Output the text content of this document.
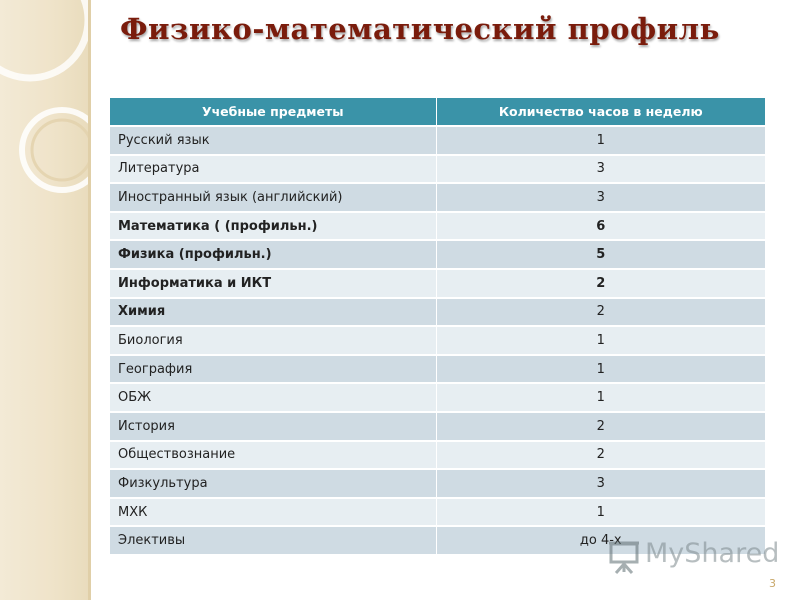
Физико-математический профиль
Учебные предметы	Количество часов в неделю
Русский язык	1
Литература	3
Иностранный язык (английский)	3
Математика ( (профильн.)	6
Физика (профильн.)	5
Информатика и ИКТ	2
Химия	2
Биология	1
География	1
ОБЖ	1
История	2
Обществознание	2
Физкультура	3
МХК	1
Элективы	до 4-х MyShared
3
